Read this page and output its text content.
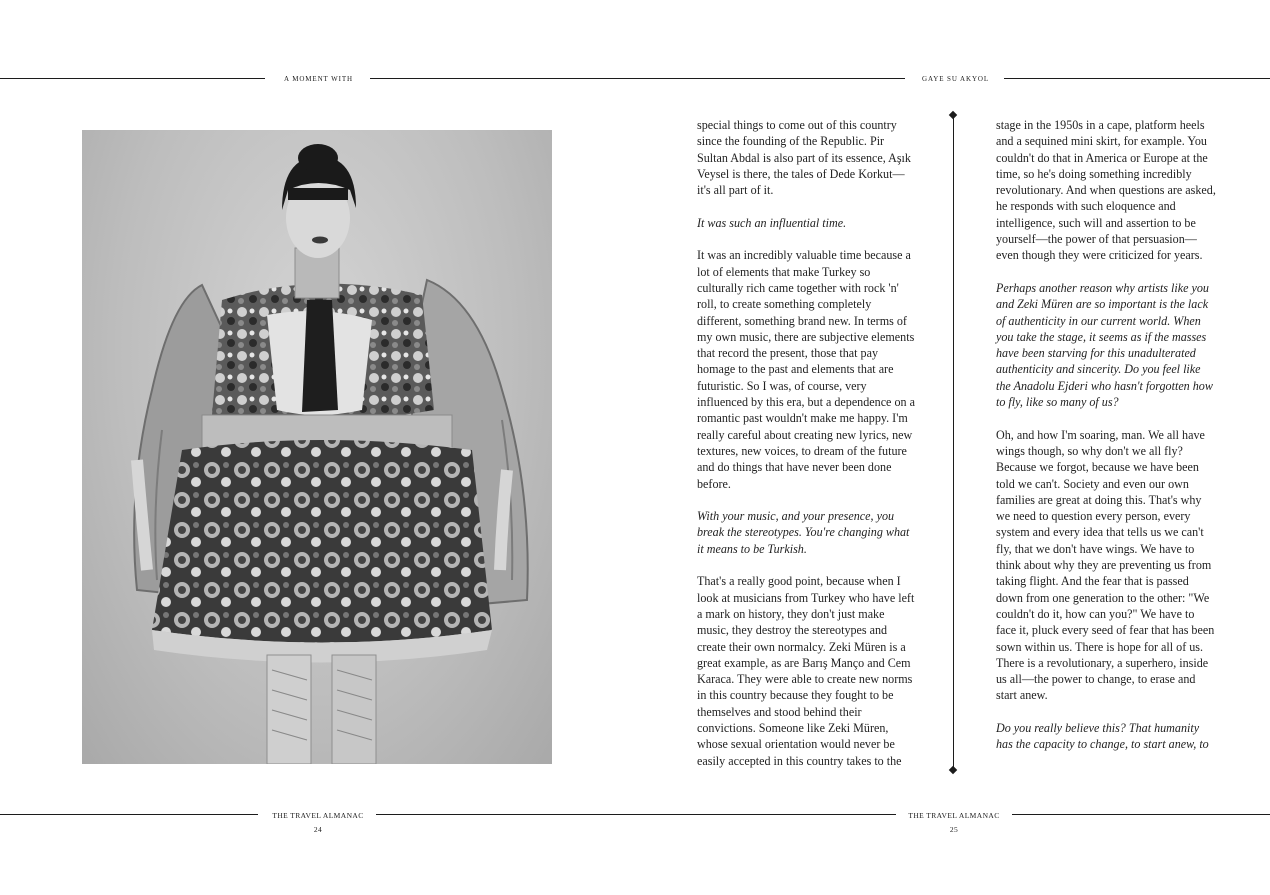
A MOMENT WITH	GAYE SU AKYOL

special things to come out of this country since the founding of the Republic. Pir Sultan Abdal is also part of its essence, Aşık Veysel is there, the tales of Dede Korkut—it's all part of it.

It was such an influential time.

It was an incredibly valuable time because a lot of elements that make Turkey so culturally rich came together with rock 'n' roll, to create something completely different, something brand new. In terms of my own music, there are subjective elements that record the present, those that pay homage to the past and elements that are futuristic. So I was, of course, very influenced by this era, but a dependence on a romantic past wouldn't make me happy. I'm really careful about creating new lyrics, new textures, new voices, to dream of the future and do things that have never been done before.

With your music, and your presence, you break the stereotypes. You're changing what it means to be Turkish.

That's a really good point, because when I look at musicians from Turkey who have left a mark on history, they don't just make music, they destroy the stereotypes and create their own normalcy. Zeki Müren is a great example, as are Barış Manço and Cem Karaca. They were able to create new norms in this country because they fought to be themselves and stood behind their convictions. Someone like Zeki Müren, whose sexual orientation would never be easily accepted in this country takes to the

stage in the 1950s in a cape, platform heels and a sequined mini skirt, for example. You couldn't do that in America or Europe at the time, so he's doing something incredibly revolutionary. And when questions are asked, he responds with such eloquence and intelligence, such will and assertion to be yourself—the power of that persuasion—even though they were criticized for years.

Perhaps another reason why artists like you and Zeki Müren are so important is the lack of authenticity in our current world. When you take the stage, it seems as if the masses have been starving for this unadulterated authenticity and sincerity. Do you feel like the Anadolu Ejderi who hasn't forgotten how to fly, like so many of us?

Oh, and how I'm soaring, man. We all have wings though, so why don't we all fly? Because we forgot, because we have been told we can't. Society and even our own families are great at doing this. That's why we need to question every person, every system and every idea that tells us we can't fly, that we don't have wings. We have to think about why they are preventing us from taking flight. And the fear that is passed down from one generation to the other: "We couldn't do it, how can you?" We have to face it, pluck every seed of fear that has been sown within us. There is hope for all of us. There is a revolutionary, a superhero, inside us all—the power to change, to erase and start anew.

Do you really believe this? That humanity has the capacity to change, to start anew, to

THE TRAVEL ALMANAC
24
THE TRAVEL ALMANAC
25
